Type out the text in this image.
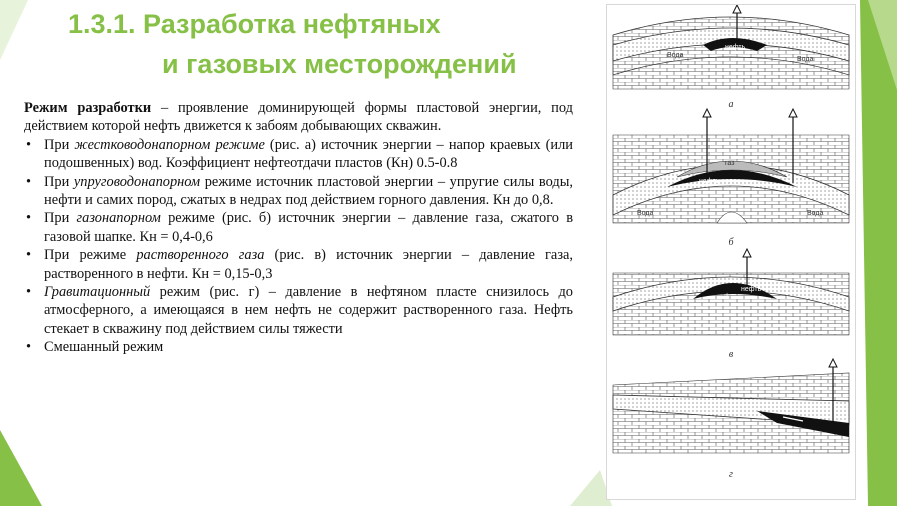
1.3.1. Разработка нефтяных
и газовых месторождений
Режим разработки – проявление доминирующей формы пластовой энергии, под действием которой нефть движется к забоям добывающих скважин.
• При жестководонапорном режиме (рис. а) источник энергии – напор краевых (или подошвенных) вод. Коэффициент нефтеотдачи пластов (Кн) 0.5-0.8
• При упруговодонапорном режиме источник пластовой энергии – упругие силы воды, нефти и самих пород, сжатых в недрах под действием горного давления. Кн до 0,8.
• При газонапорном режиме (рис. б) источник энергии – давление газа, сжатого в газовой шапке. Кн = 0,4-0,6
• При режиме растворенного газа (рис. в) источник энергии – давление газа, растворенного в нефти. Кн = 0,15-0,3
• Гравитационный режим (рис. г) – давление в нефтяном пласте снизилось до атмосферного, а имеющаяся в нем нефть не содержит растворенного газа. Нефть стекает в скважину под действием силы тяжести
• Смешанный режим
нефть
Вода
Вода
а
газ
нефть
Вода	Вода
б
+
нефть
в
г
